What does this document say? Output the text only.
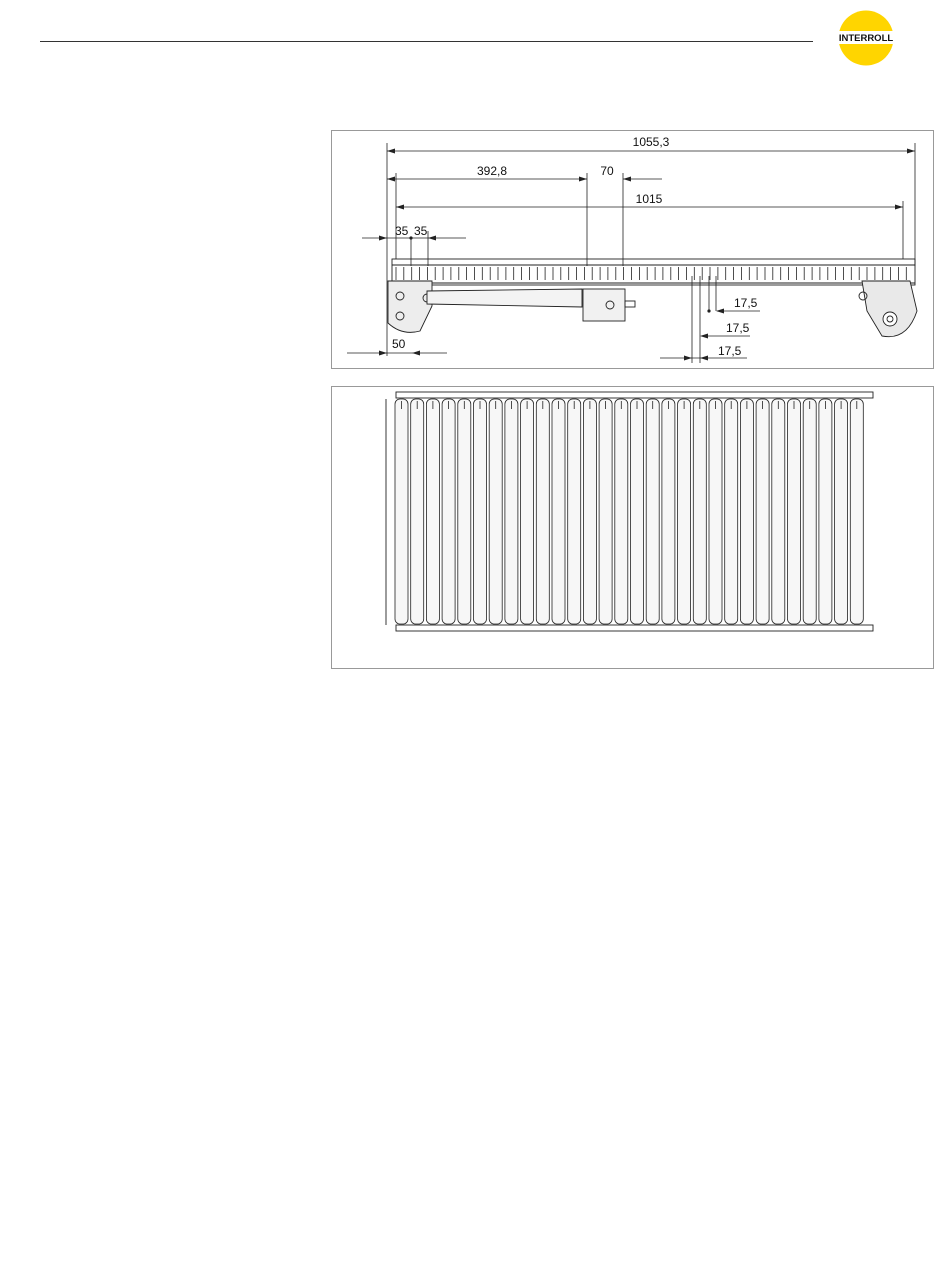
INTERROLL
1055,3
392,8	70
1015
35 35
50
17,5
17,5
17,5
